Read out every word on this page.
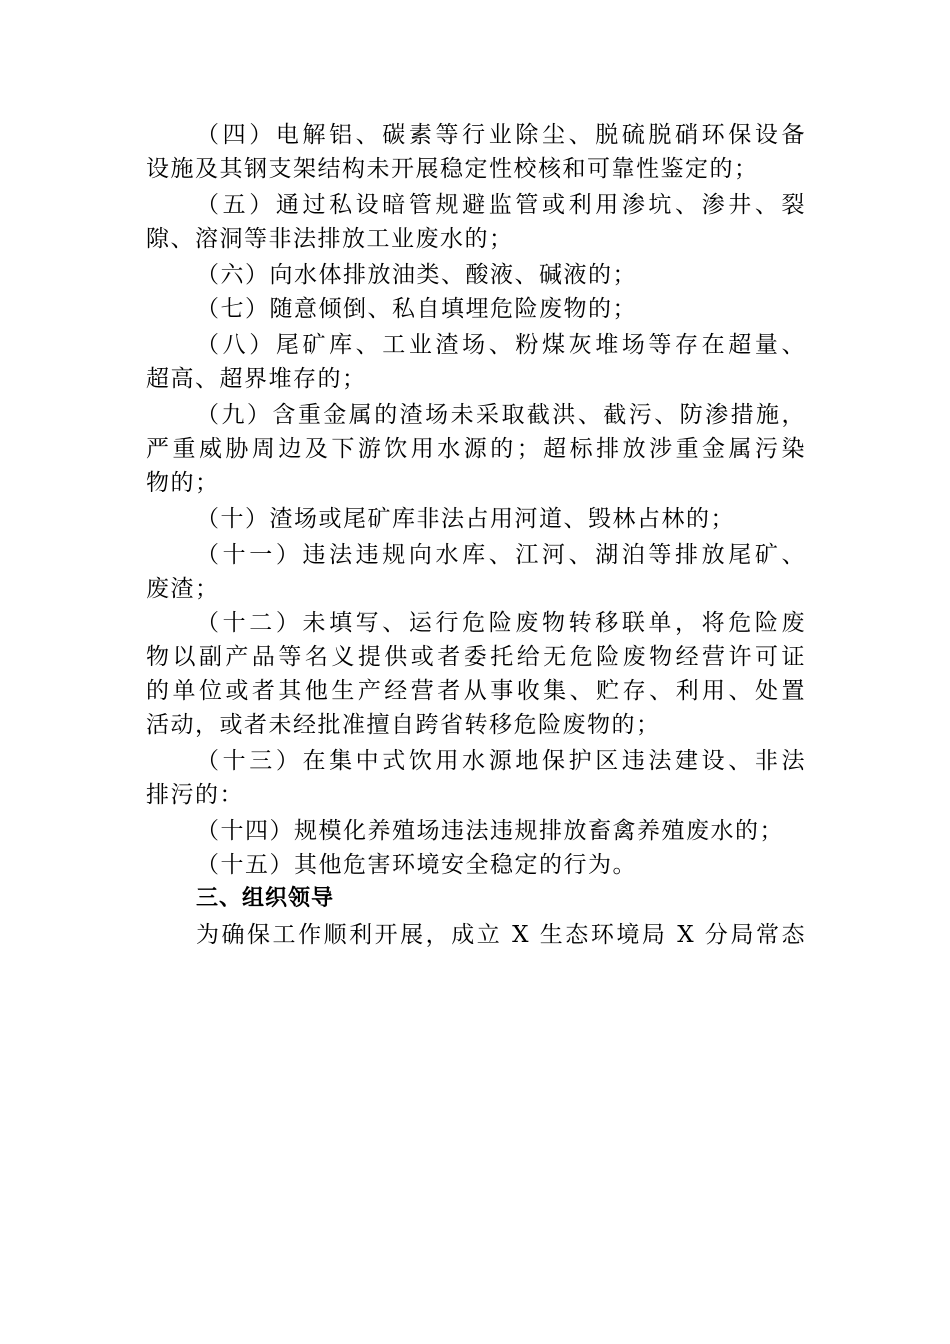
（四）电解铝、碳素等行业除尘、脱硫脱硝环保设备
设施及其钢支架结构未开展稳定性校核和可靠性鉴定的；
（五）通过私设暗管规避监管或利用渗坑、渗井、裂
隙、溶洞等非法排放工业废水的；
（六）向水体排放油类、酸液、碱液的；
（七）随意倾倒、私自填埋危险废物的；
（八）尾矿库、工业渣场、粉煤灰堆场等存在超量、
超高、超界堆存的；
（九）含重金属的渣场未采取截洪、截污、防渗措施，
严重威胁周边及下游饮用水源的；超标排放涉重金属污染
物的；
（十）渣场或尾矿库非法占用河道、毁林占林的；
（十一）违法违规向水库、江河、湖泊等排放尾矿、
废渣；
（十二）未填写、运行危险废物转移联单，将危险废
物以副产品等名义提供或者委托给无危险废物经营许可证
的单位或者其他生产经营者从事收集、贮存、利用、处置
活动，或者未经批准擅自跨省转移危险废物的；
（十三）在集中式饮用水源地保护区违法建设、非法
排污的：
（十四）规模化养殖场违法违规排放畜禽养殖废水的；
（十五）其他危害环境安全稳定的行为。
三、组织领导
为确保工作顺利开展，成立 X 生态环境局 X 分局常态
